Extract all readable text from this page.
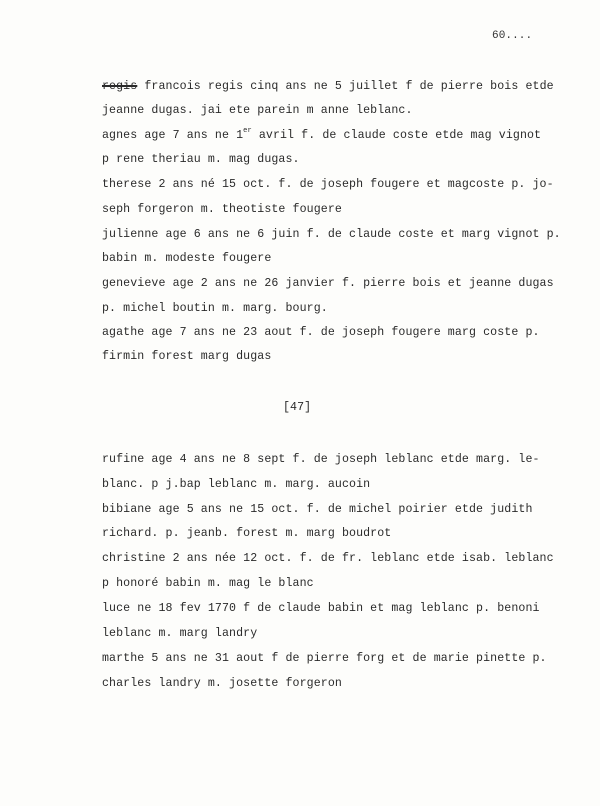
60....
regis francois regis cinq ans ne 5 juillet f de pierre bois etde
jeanne dugas. jai ete parein m anne leblanc.
agnes age 7 ans ne 1er avril f. de claude coste etde mag vignot
p rene theriau m. mag dugas.
therese 2 ans né 15 oct. f. de joseph fougere et magcoste p. jo-
seph forgeron m. theotiste fougere
julienne age 6 ans ne 6 juin f. de claude coste et marg vignot p.
babin m. modeste fougere
genevieve age 2 ans ne 26 janvier f. pierre bois et jeanne dugas
p. michel boutin m. marg. bourg.
agathe age 7 ans ne 23 aout f. de joseph fougere marg coste p.
firmin forest marg dugas
[47]
rufine age 4 ans ne 8 sept f. de joseph leblanc etde marg. le-
blanc. p j.bap leblanc m. marg. aucoin
bibiane age 5 ans ne 15 oct. f. de michel poirier etde judith
richard. p. jeanb. forest m. marg boudrot
christine 2 ans née 12 oct. f. de fr. leblanc etde isab. leblanc
p honoré babin m. mag le blanc
luce ne 18 fev 1770 f de claude babin et mag leblanc p. benoni
leblanc m. marg landry
marthe 5 ans ne 31 aout f de pierre forg et de marie pinette p.
charles landry m. josette forgeron
